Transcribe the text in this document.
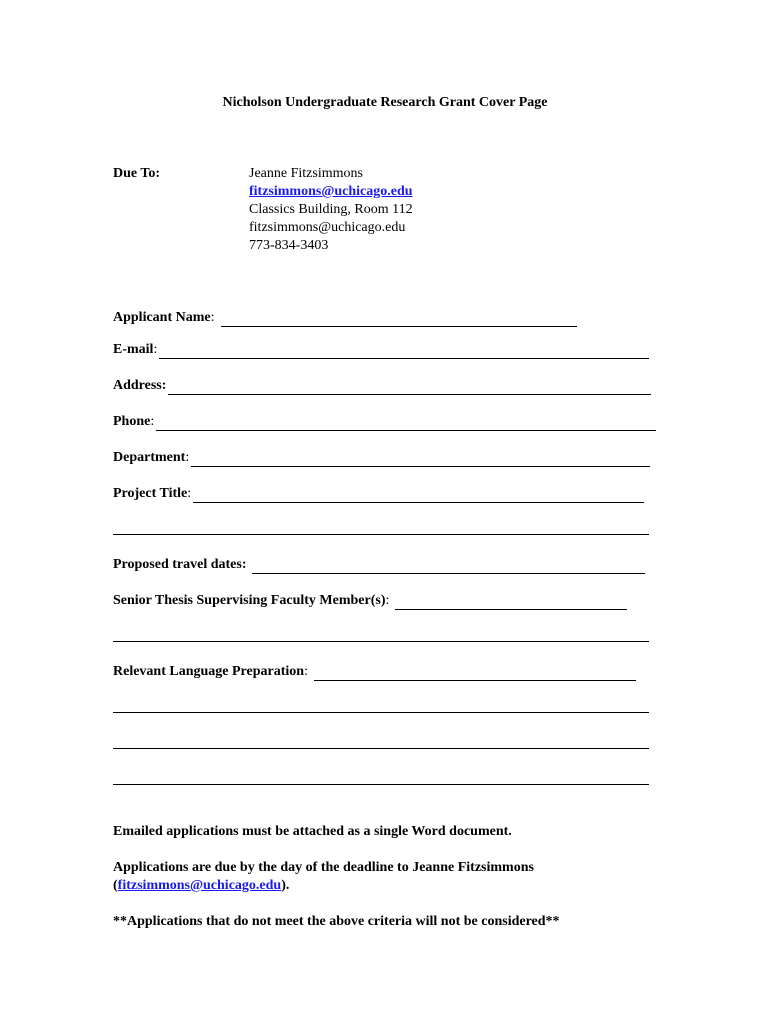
Nicholson Undergraduate Research Grant Cover Page
Due To:	Jeanne Fitzsimmons
fitzsimmons@uchicago.edu
Classics Building, Room 112
fitzsimmons@uchicago.edu
773-834-3403
Applicant Name :
E-mail :
Address:
Phone :
Department :
Project Title :
Proposed travel dates:
Senior Thesis Supervising Faculty Member(s) :
Relevant Language Preparation :
Emailed applications must be attached as a single Word document.
Applications are due by the day of the deadline to Jeanne Fitzsimmons
(fitzsimmons@uchicago.edu).
**Applications that do not meet the above criteria will not be considered**
